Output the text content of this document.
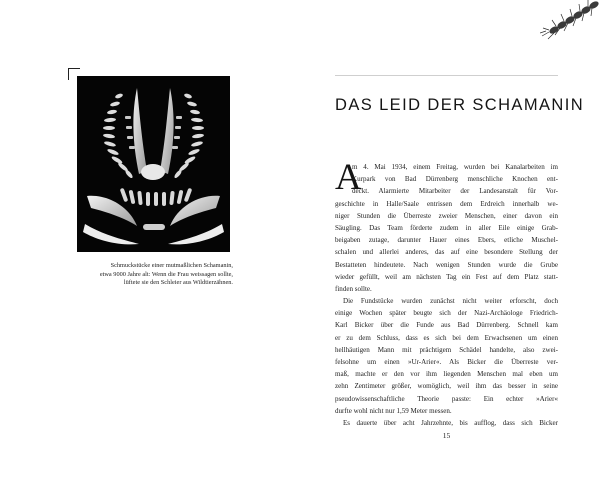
Schmuckstücke einer mutmaßlichen Schamanin,
etwa 9000 Jahre alt: Wenn die Frau weissagen sollte,
lüftete sie den Schleier aus Wildtierzähnen.
DAS LEID DER SCHAMANIN
A
m 4. Mai 1934, einem Freitag, wurden bei Kanalarbeiten im
Kurpark von Bad Dürrenberg menschliche Knochen ent-
deckt. Alarmierte Mitarbeiter der Landesanstalt für Vor-
geschichte in Halle/Saale entrissen dem Erdreich innerhalb we-
niger Stunden die Überreste zweier Menschen, einer davon ein
Säugling. Das Team förderte zudem in aller Eile einige Grab-
beigaben zutage, darunter Hauer eines Ebers, etliche Muschel-
schalen und allerlei anderes, das auf eine besondere Stellung der
Bestatteten hindeutete. Nach wenigen Stunden wurde die Grube
wieder gefüllt, weil am nächsten Tag ein Fest auf dem Platz statt-
finden sollte.
Die Fundstücke wurden zunächst nicht weiter erforscht, doch
einige Wochen später beugte sich der Nazi-Archäologe Friedrich-
Karl Bicker über die Funde aus Bad Dürrenberg. Schnell kam
er zu dem Schluss, dass es sich bei dem Erwachsenen um einen
hellhäutigen Mann mit prächtigem Schädel handelte, also zwei-
felsohne um einen »Ur-Arier«. Als Bicker die Überreste ver-
maß, machte er den vor ihm liegenden Menschen mal eben um
zehn Zentimeter größer, womöglich, weil ihm das besser in seine
pseudowissenschaftliche Theorie passte: Ein echter »Arier«
durfte wohl nicht nur 1,59 Meter messen.
Es dauerte über acht Jahrzehnte, bis aufflog, dass sich Bicker
15
